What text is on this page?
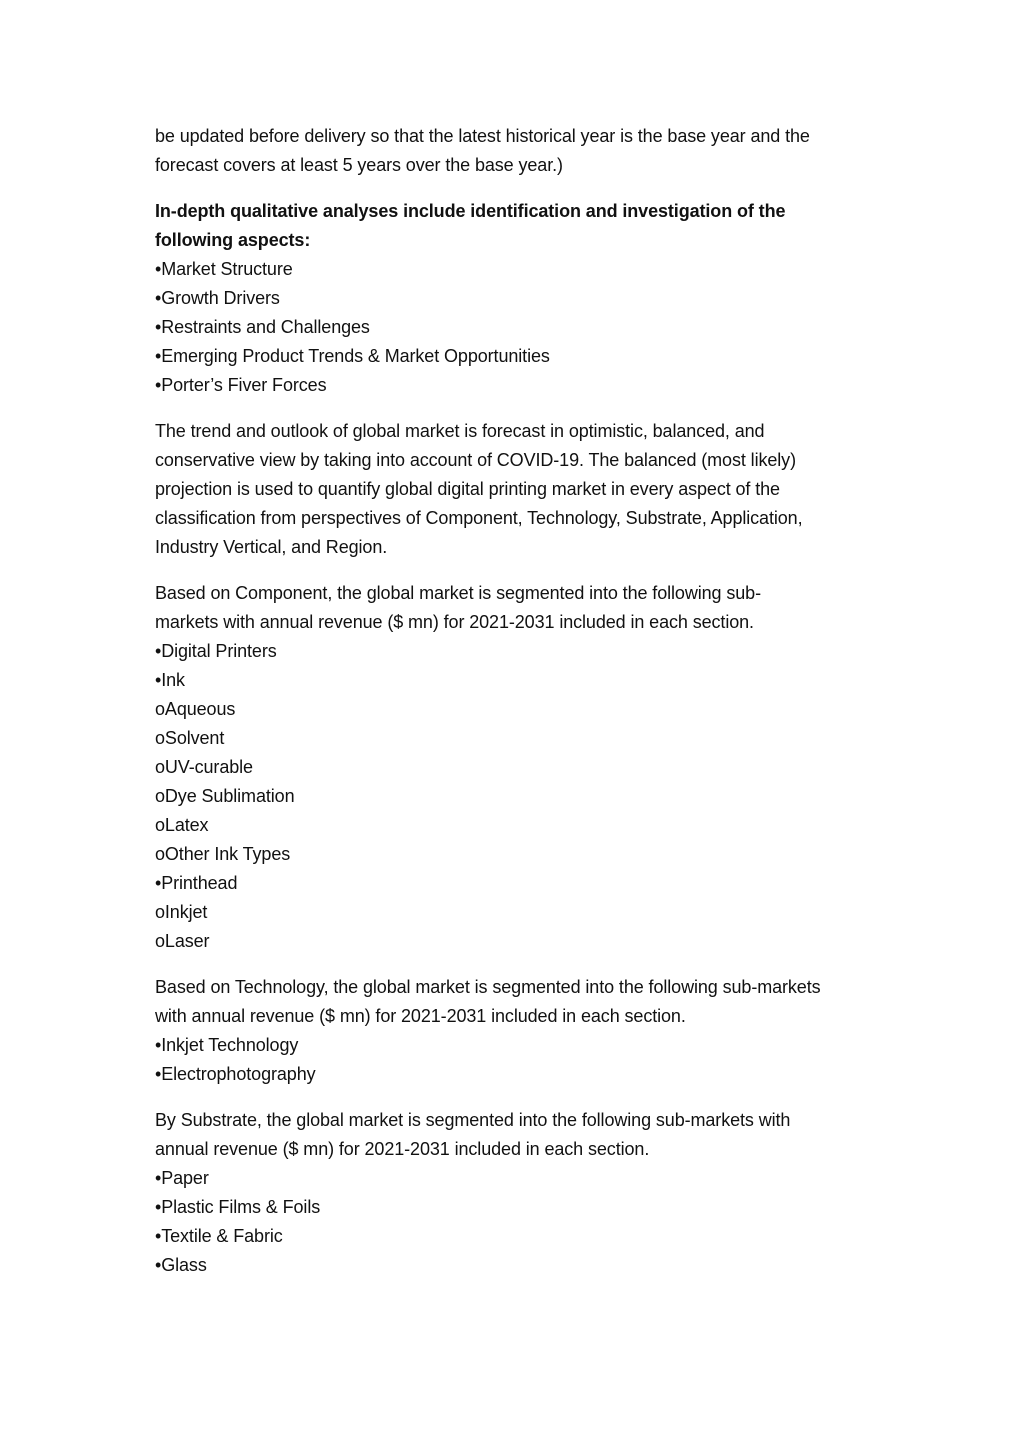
be updated before delivery so that the latest historical year is the base year and the
forecast covers at least 5 years over the base year.)
In-depth qualitative analyses include identification and investigation of the
following aspects:
•Market Structure
•Growth Drivers
•Restraints and Challenges
•Emerging Product Trends & Market Opportunities
•Porter’s Fiver Forces
The trend and outlook of global market is forecast in optimistic, balanced, and
conservative view by taking into account of COVID-19. The balanced (most likely)
projection is used to quantify global digital printing market in every aspect of the
classification from perspectives of Component, Technology, Substrate, Application,
Industry Vertical, and Region.
Based on Component, the global market is segmented into the following sub-
markets with annual revenue ($ mn) for 2021-2031 included in each section.
•Digital Printers
•Ink
oAqueous
oSolvent
oUV-curable
oDye Sublimation
oLatex
oOther Ink Types
•Printhead
oInkjet
oLaser
Based on Technology, the global market is segmented into the following sub-markets
with annual revenue ($ mn) for 2021-2031 included in each section.
•Inkjet Technology
•Electrophotography
By Substrate, the global market is segmented into the following sub-markets with
annual revenue ($ mn) for 2021-2031 included in each section.
•Paper
•Plastic Films & Foils
•Textile & Fabric
•Glass
